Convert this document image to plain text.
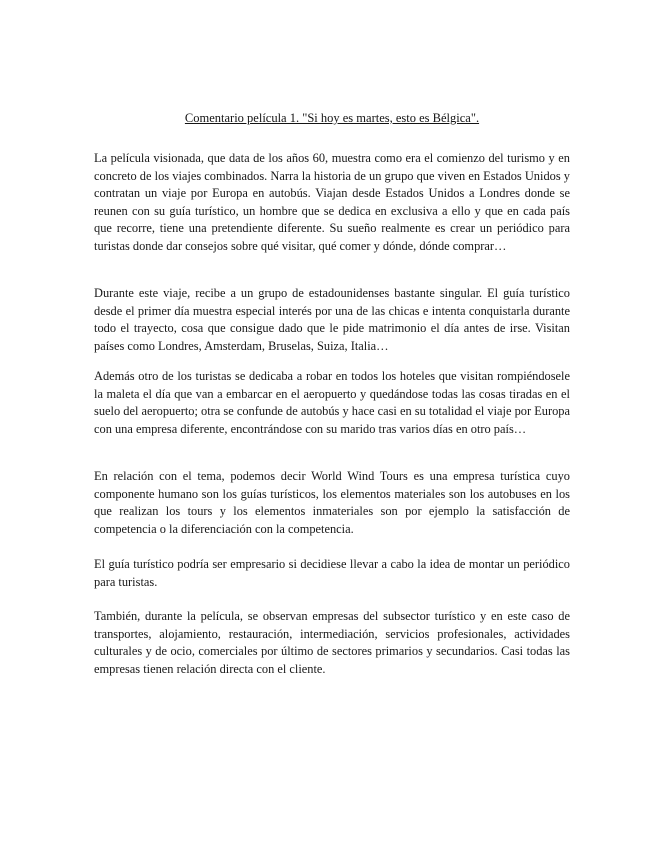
Comentario película 1. "Si hoy es martes, esto es Bélgica".

La película visionada, que data de los años 60, muestra como era el comienzo del turismo y en concreto de los viajes combinados. Narra la historia de un grupo que viven en Estados Unidos y contratan un viaje por Europa en autobús. Viajan desde Estados Unidos a Londres donde se reunen con su guía turístico, un hombre que se dedica en exclusiva a ello y que en cada país que recorre, tiene una pretendiente diferente. Su sueño realmente es crear un periódico para turistas donde dar consejos sobre qué visitar, qué comer y dónde, dónde comprar…

Durante este viaje, recibe a un grupo de estadounidenses bastante singular. El guía turístico desde el primer día muestra especial interés por una de las chicas e intenta conquistarla durante todo el trayecto, cosa que consigue dado que le pide matrimonio el día antes de irse. Visitan países como Londres, Amsterdam, Bruselas, Suiza, Italia…

Además otro de los turistas se dedicaba a robar en todos los hoteles que visitan rompiéndosele la maleta el día que van a embarcar en el aeropuerto y quedándose todas las cosas tiradas en el suelo del aeropuerto; otra se confunde de autobús y hace casi en su totalidad el viaje por Europa con una empresa diferente, encontrándose con su marido tras varios días en otro país…

En relación con el tema, podemos decir World Wind Tours es una empresa turística cuyo componente humano son los guías turísticos, los elementos materiales son los autobuses en los que realizan los tours y los elementos inmateriales son por ejemplo la satisfacción de competencia o la diferenciación con la competencia.

El guía turístico podría ser empresario si decidiese llevar a cabo la idea de montar un periódico para turistas.

También, durante la película, se observan empresas del subsector turístico y en este caso de transportes, alojamiento, restauración, intermediación, servicios profesionales, actividades culturales y de ocio, comerciales por último de sectores primarios y secundarios. Casi todas las empresas tienen relación directa con el cliente.
